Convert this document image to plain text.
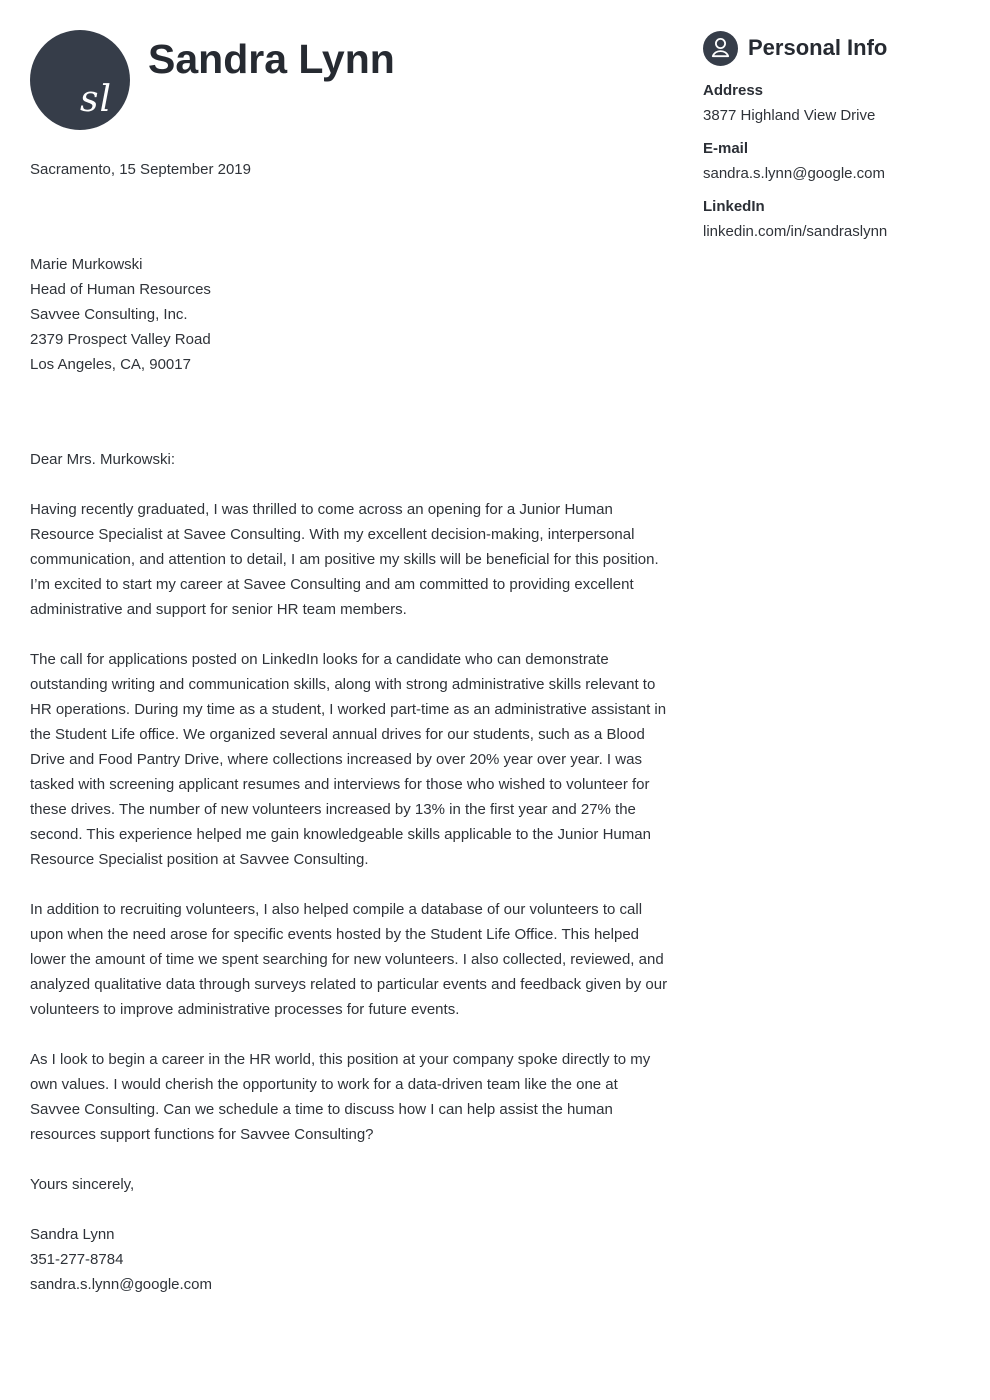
sl
Sandra Lynn
Sacramento, 15 September 2019
Marie Murkowski
Head of Human Resources
Savvee Consulting, Inc.
2379 Prospect Valley Road
Los Angeles, CA, 90017
Dear Mrs. Murkowski:

Having recently graduated, I was thrilled to come across an opening for a Junior Human Resource Specialist at Savee Consulting. With my excellent decision-making, interpersonal communication, and attention to detail, I am positive my skills will be beneficial for this position. I’m excited to start my career at Savee Consulting and am committed to providing excellent administrative and support for senior HR team members.

The call for applications posted on LinkedIn looks for a candidate who can demonstrate outstanding writing and communication skills, along with strong administrative skills relevant to HR operations. During my time as a student, I worked part-time as an administrative assistant in the Student Life office. We organized several annual drives for our students, such as a Blood Drive and Food Pantry Drive, where collections increased by over 20% year over year. I was tasked with screening applicant resumes and interviews for those who wished to volunteer for these drives. The number of new volunteers increased by 13% in the first year and 27% the second. This experience helped me gain knowledgeable skills applicable to the Junior Human Resource Specialist position at Savvee Consulting.

In addition to recruiting volunteers, I also helped compile a database of our volunteers to call upon when the need arose for specific events hosted by the Student Life Office. This helped lower the amount of time we spent searching for new volunteers. I also collected, reviewed, and analyzed qualitative data through surveys related to particular events and feedback given by our volunteers to improve administrative processes for future events.

As I look to begin a career in the HR world, this position at your company spoke directly to my own values. I would cherish the opportunity to work for a data-driven team like the one at Savvee Consulting. Can we schedule a time to discuss how I can help assist the human resources support functions for Savvee Consulting?

Yours sincerely,
Sandra Lynn
351-277-8784
sandra.s.lynn@google.com
Personal Info
Address
3877 Highland View Drive
E-mail
sandra.s.lynn@google.com
LinkedIn
linkedin.com/in/sandraslynn
